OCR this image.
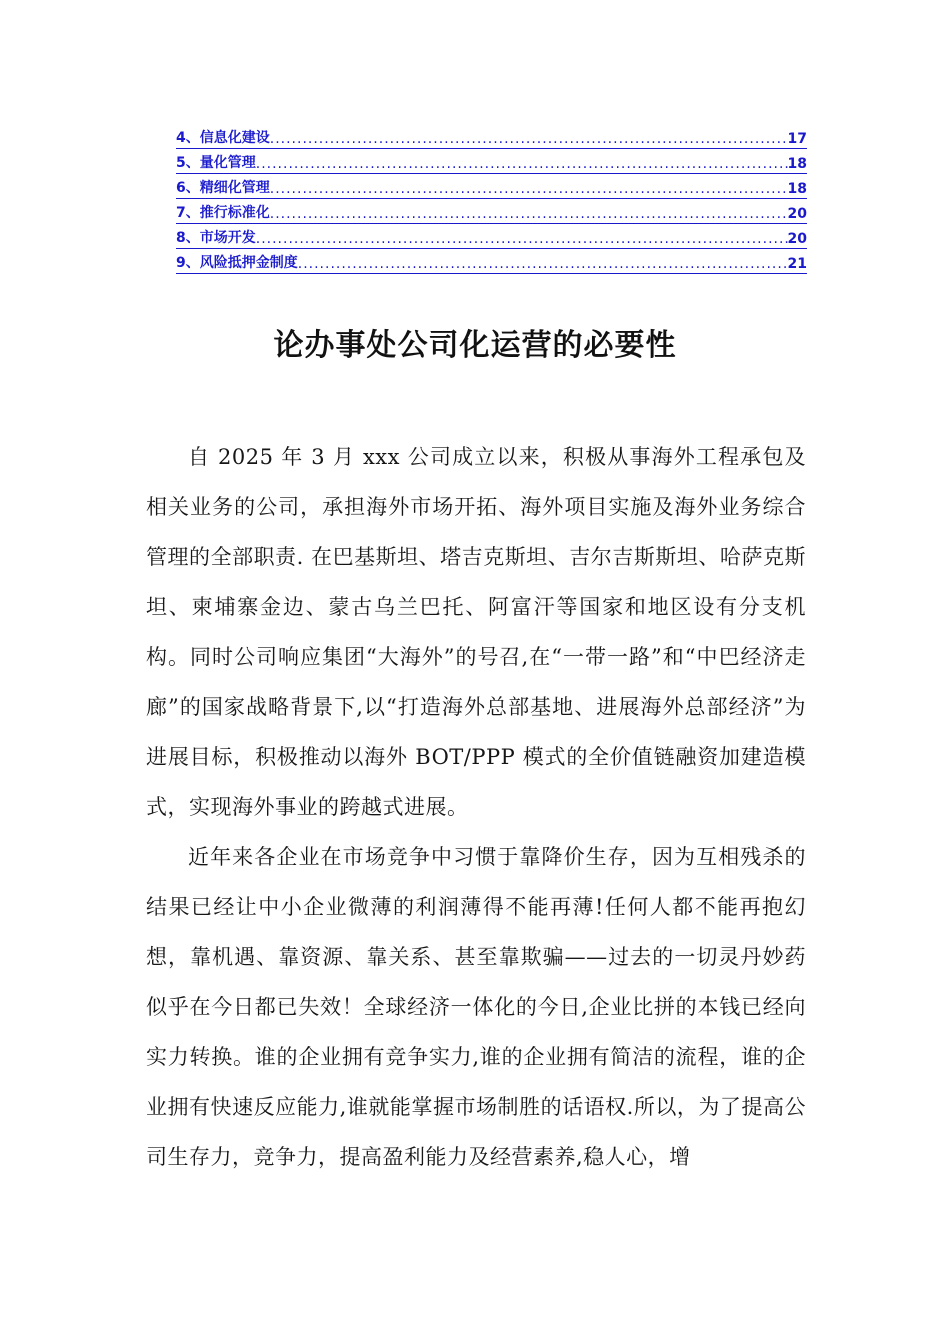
4、信息化建设 .....	17
5、量化管理 .....	18
6、精细化管理 .....	18
7、推行标准化 .....	20
8、市场开发 .....	20
9、风险抵押金制度 .....	21
论办事处公司化运营的必要性

自 2025 年 3 月 xxx 公司成立以来，积极从事海外工程承包及相关业务的公司，承担海外市场开拓、海外项目实施及海外业务综合管理的全部职责. 在巴基斯坦、塔吉克斯坦、吉尔吉斯斯坦、哈萨克斯坦、柬埔寨金边、蒙古乌兰巴托、阿富汗等国家和地区设有分支机构。同时公司响应集团“大海外”的号召,在“一带一路”和“中巴经济走廊”的国家战略背景下,以“打造海外总部基地、进展海外总部经济”为进展目标，积极推动以海外 BOT/PPP 模式的全价值链融资加建造模式，实现海外事业的跨越式进展。

近年来各企业在市场竞争中习惯于靠降价生存，因为互相残杀的结果已经让中小企业微薄的利润薄得不能再薄!任何人都不能再抱幻想，靠机遇、靠资源、靠关系、甚至靠欺骗——过去的一切灵丹妙药似乎在今日都已失效！全球经济一体化的今日,企业比拼的本钱已经向实力转换。谁的企业拥有竞争实力,谁的企业拥有简洁的流程，谁的企业拥有快速反应能力,谁就能掌握市场制胜的话语权.所以，为了提高公司生存力，竞争力，提高盈利能力及经营素养,稳人心，增
